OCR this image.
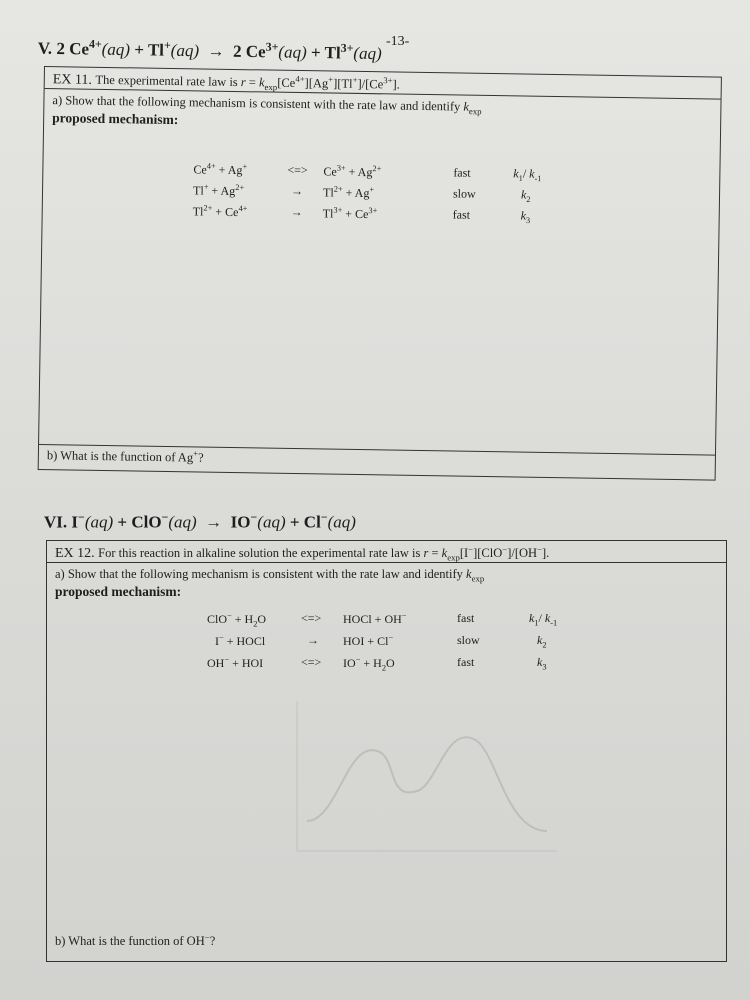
-13-
V. 2 $Ce^{4+}(aq) + Tl^+(aq) \to 2$ $Ce^{3+}(aq) + Tl^{3+}(aq)$
EX 11. The experimental rate law is $r = k_{exp}[Ce^{4+}][Ag^+][Tl^+]/[Ce^{3+}]$.
a) Show that the following mechanism is consistent with the rate law and identify $k_{exp}$
proposed mechanism:
$Ce^{4+} + Ag^+$	<=> $Ce^{3+} + Ag^{2+}$	fast	$k_1/$ $k_{-1}$
$Tl^+ + Ag^{2+}$	→ $Tl^{2+} + Ag^+$	slow	$k_2$
$Tl^{2+} + Ce^{4+}$	→ $Tl^{3+} + Ce^{3+}$	fast	$k_3$
b) What is the function of Ag+?
VI. I−(aq) + ClO−(aq) →  IO−(aq) + Cl−(aq)
EX 12. For this reaction in alkaline solution the experimental rate law is $r = k_{exp}[I^-][ClO^-]/[OH^-]$.
a) Show that the following mechanism is consistent with the rate law and identify $k_{exp}$
proposed mechanism:
$ClO^- + H_2O$	<=> HOCl + OH−	fast	$k_1/$ $k_{-1}$
I− + HOCl	→ HOI + Cl−	slow	$k_2$
OH− + HOI	<=> $IO^- + H_2O$	fast	$k_3$
b) What is the function of OH−?
